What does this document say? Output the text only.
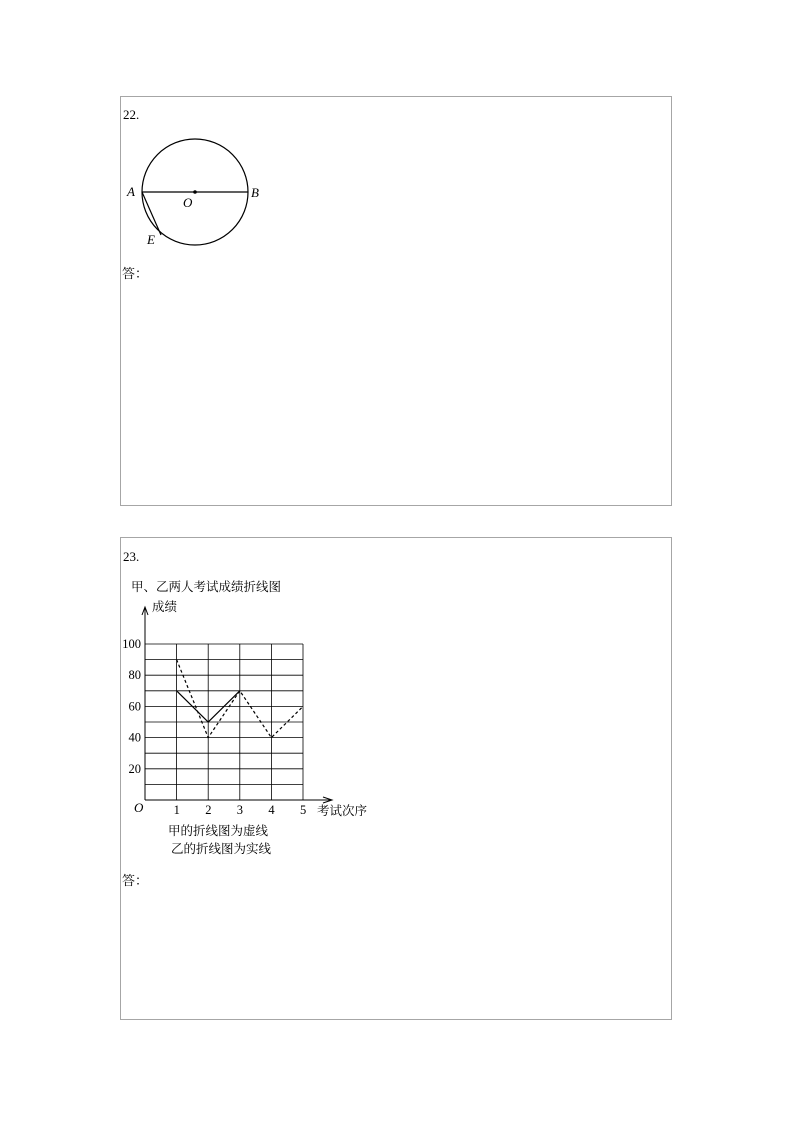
22.
A	B
O
E
答：
23.
甲、乙两人考试成绩折线图
成绩
考试次序
O 1 2 3 4 5
20
40
60
80
100
甲的折线图为虚线
乙的折线图为实线
答：
